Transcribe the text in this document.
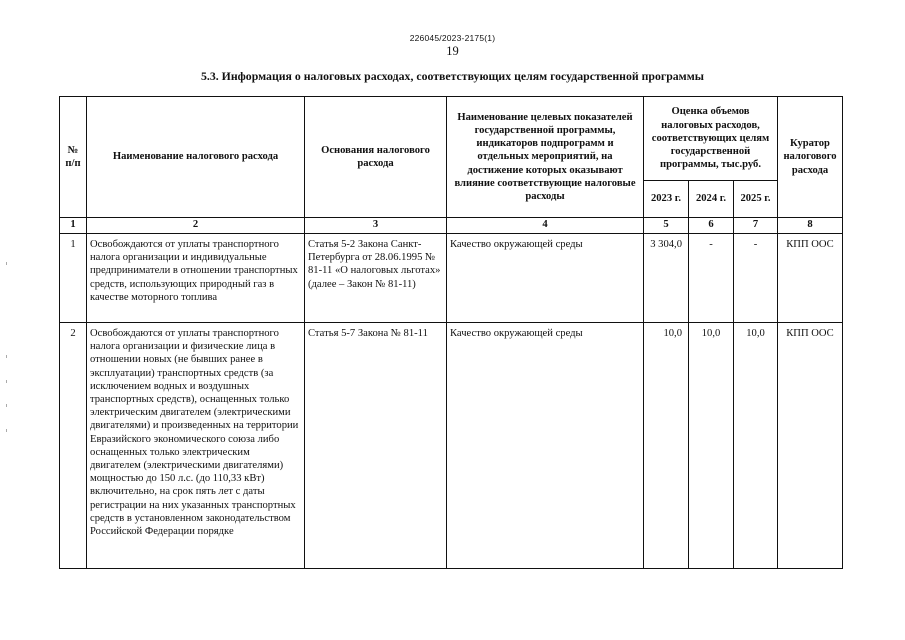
226045/2023-2175(1)
19
5.3. Информация о налоговых расходах, соответствующих целям государственной программы
№ п/п	Наименование налогового расхода	Основания налогового расхода	Наименование целевых показателей государственной программы, индикаторов подпрограмм и отдельных мероприятий, на достижение которых оказывают влияние соответствующие налоговые расходы	Оценка объемов налоговых расходов, соответствующих целям государственной программы, тыс.руб.			Куратор налогового расхода
				2023 г.	2024 г.	2025 г.	
1	2	3	4	5	6	7	8
1	Освобождаются от уплаты транспортного налога организации и индивидуальные предприниматели в отношении транспортных средств, использующих природный газ в качестве моторного топлива	Статья 5-2 Закона Санкт-Петербурга от 28.06.1995 № 81-11 «О налоговых льготах» (далее – Закон № 81-11)	Качество окружающей среды	3 304,0	-	-	КПП ООС
2	Освобождаются от уплаты транспортного налога организации и физические лица в отношении новых (не бывших ранее в эксплуатации) транспортных средств (за исключением водных и воздушных транспортных средств), оснащенных только электрическим двигателем (электрическими двигателями) и произведенных на территории Евразийского экономического союза либо оснащенных только электрическим двигателем (электрическими двигателями) мощностью до 150 л.с. (до 110,33 кВт) включительно, на срок пять лет с даты регистрации на них указанных транспортных средств в установленном законодательством Российской Федерации порядке	Статья 5-7 Закона № 81-11	Качество окружающей среды	10,0	10,0	10,0	КПП ООС
